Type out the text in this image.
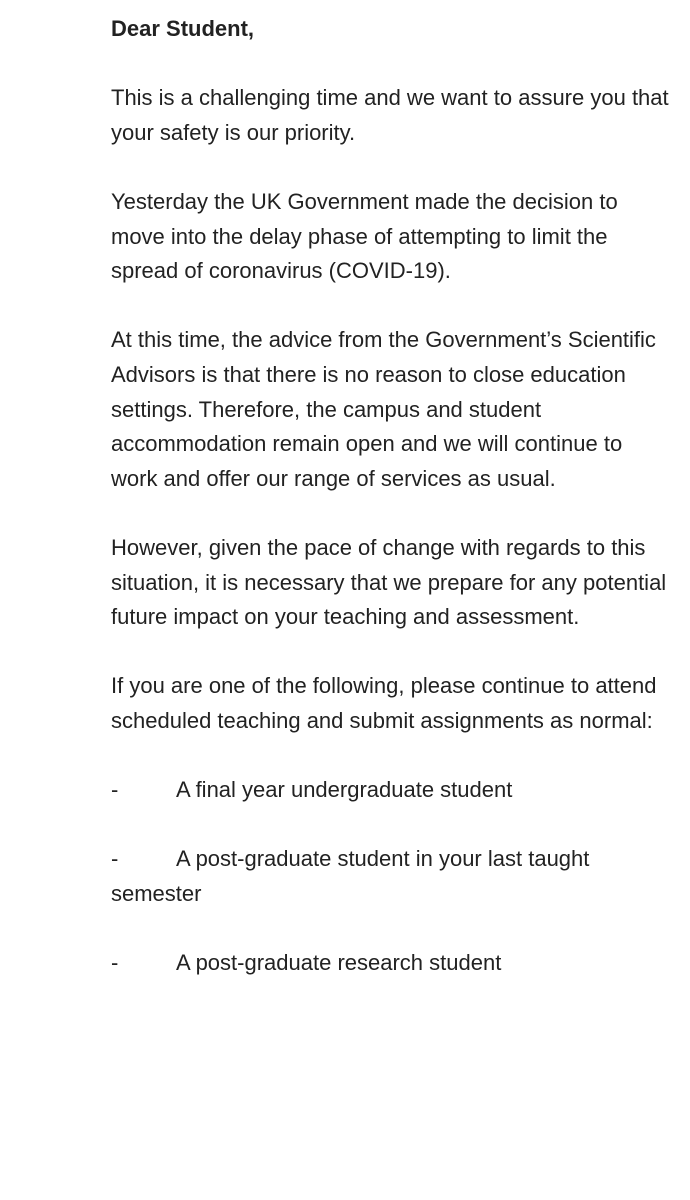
Dear Student,

This is a challenging time and we want to assure you that your safety is our priority.

Yesterday the UK Government made the decision to move into the delay phase of attempting to limit the spread of coronavirus (COVID-19).

At this time, the advice from the Government’s Scientific Advisors is that there is no reason to close education settings. Therefore, the campus and student accommodation remain open and we will continue to work and offer our range of services as usual.

However, given the pace of change with regards to this situation, it is necessary that we prepare for any potential future impact on your teaching and assessment.

If you are one of the following, please continue to attend scheduled teaching and submit assignments as normal:

-	A final year undergraduate student

-	A post-graduate student in your last taught semester

-	A post-graduate research student
